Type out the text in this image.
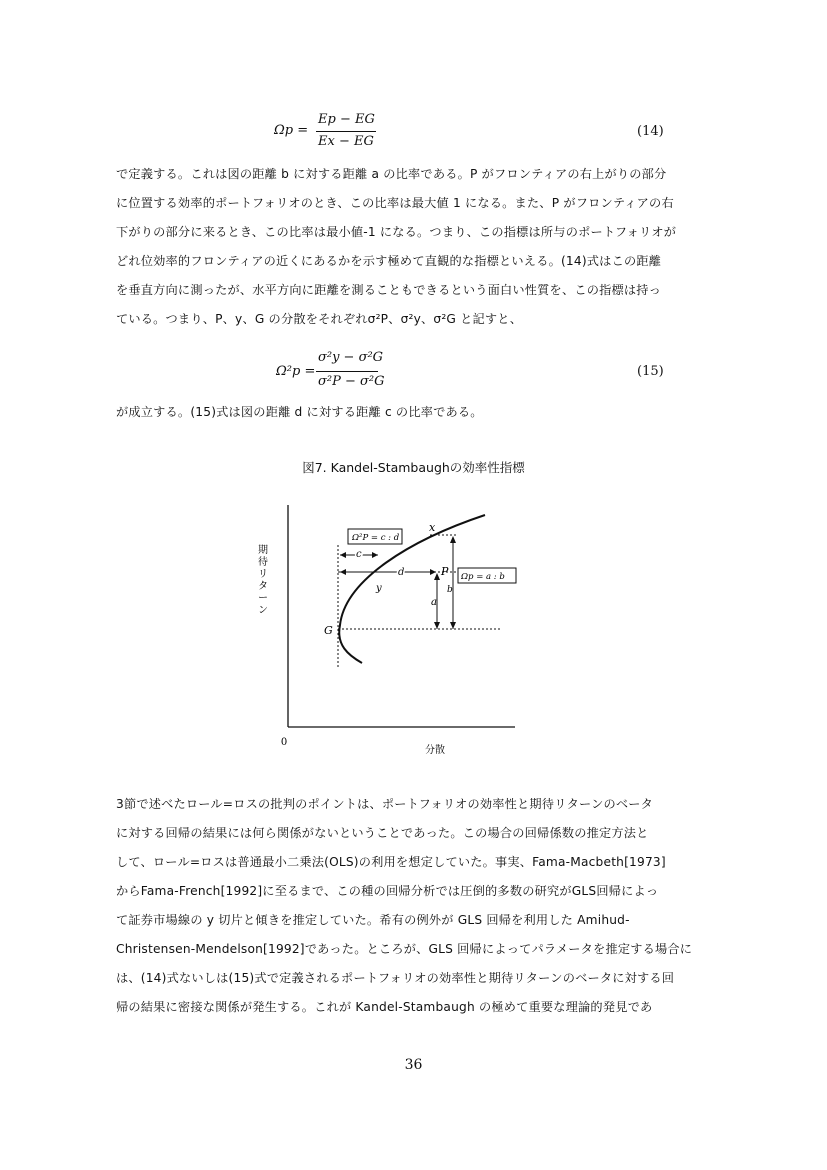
Ωp =
Ep − EG
Ex − EG
(14)
で定義する。これは図の距離 b に対する距離 a の比率である。P がフロンティアの右上がりの部分
に位置する効率的ポートフォリオのとき、この比率は最大値 1 になる。また、P がフロンティアの右
下がりの部分に来るとき、この比率は最小値-1 になる。つまり、この指標は所与のポートフォリオが
どれ位効率的フロンティアの近くにあるかを示す極めて直観的な指標といえる。(14)式はこの距離
を垂直方向に測ったが、水平方向に距離を測ることもできるという面白い性質を、この指標は持っ
ている。つまり、P、y、G の分散をそれぞれσ²P、σ²y、σ²G と記すと、
Ω²p =
σ²y − σ²G
σ²P − σ²G
(15)
が成立する。(15)式は図の距離 d に対する距離 c の比率である。
図7. Kandel-Stambaughの効率性指標
0
期待リターン
c
d
a
b
x
P
y
G
Ω²P = c : d
Ωp = a : b
分散
3節で述べたロール=ロスの批判のポイントは、ポートフォリオの効率性と期待リターンのベータ
に対する回帰の結果には何ら関係がないということであった。この場合の回帰係数の推定方法と
して、ロール=ロスは普通最小二乗法(OLS)の利用を想定していた。事実、Fama-Macbeth[1973]
からFama-French[1992]に至るまで、この種の回帰分析では圧倒的多数の研究がGLS回帰によっ
て証券市場線の y 切片と傾きを推定していた。希有の例外が GLS 回帰を利用した Amihud-
Christensen-Mendelson[1992]であった。ところが、GLS 回帰によってパラメータを推定する場合に
は、(14)式ないしは(15)式で定義されるポートフォリオの効率性と期待リターンのベータに対する回
帰の結果に密接な関係が発生する。これが Kandel-Stambaugh の極めて重要な理論的発見であ
36
